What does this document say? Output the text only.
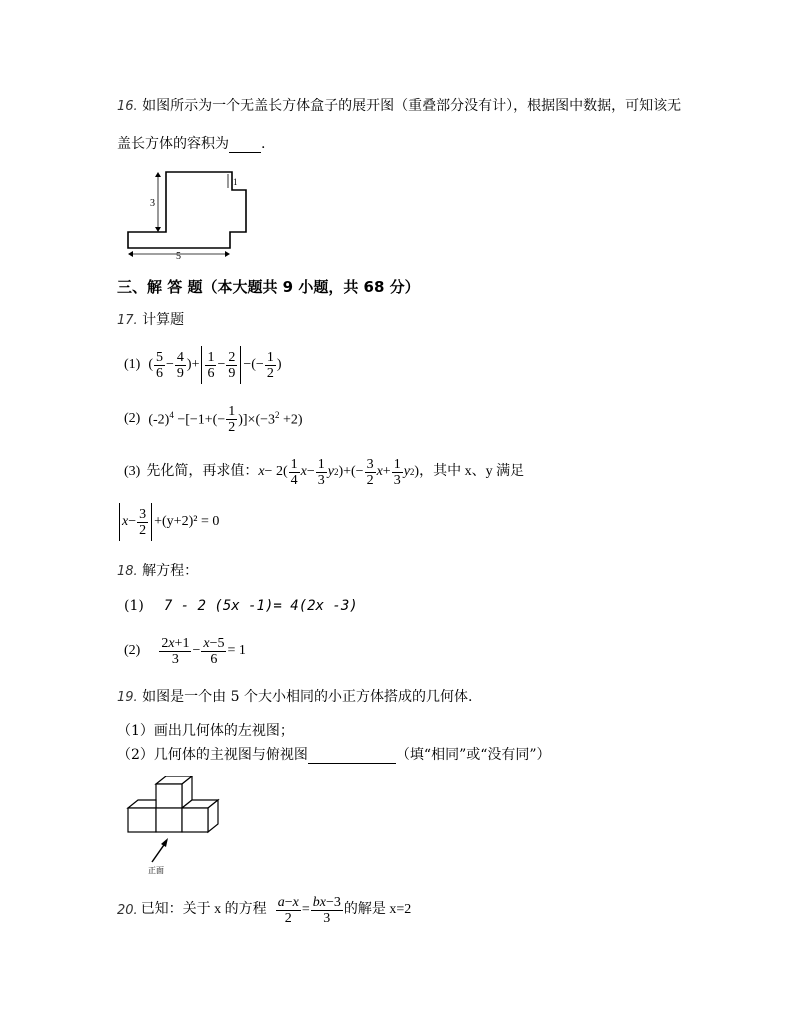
16. 如图所示为一个无盖长方体盒子的展开图（重叠部分没有计），根据图中数据，可知该无
盖长方体的容积为 .
3
1
5
三、解 答 题（本大题共 9 小题，共 68 分）
17. 计算题
(1) ( $\frac{5}{6} - \frac{4}{9}$ )+ $\frac{1}{6} - \frac{2}{9}$ −(− $\frac{1}{2}$ )
(2) $(-2)^4 -[-1+(- \frac{1}{2} )]\times(-3^2 +2)$
(3) 先化简，再求值： $x - 2( \frac{1}{4}$ $x - \frac{1}{3}$ y 2 )+(− $\frac{3}{2}$ $x + \frac{1}{3}$ y 2 ) ，其中 x、y 满足
$x - \frac{3}{2} +(y+2)^2 = 0$
18. 解方程：
(1) 7 - 2 (5x -1)= 4(2x -3)
$(2) \frac{2x+1}{3} - \frac{x-5}{6} = 1$
19. 如图是一个由 5 个大小相同的小正方体搭成的几何体.
（1）画出几何体的左视图；
（2）几何体的主视图与俯视图	（填“相同”或“没有同”）
正面
20. 已知：关于 x 的方程 $\frac{a-x}{2} = \frac{bx-3}{3}$ 的解是 x=2
